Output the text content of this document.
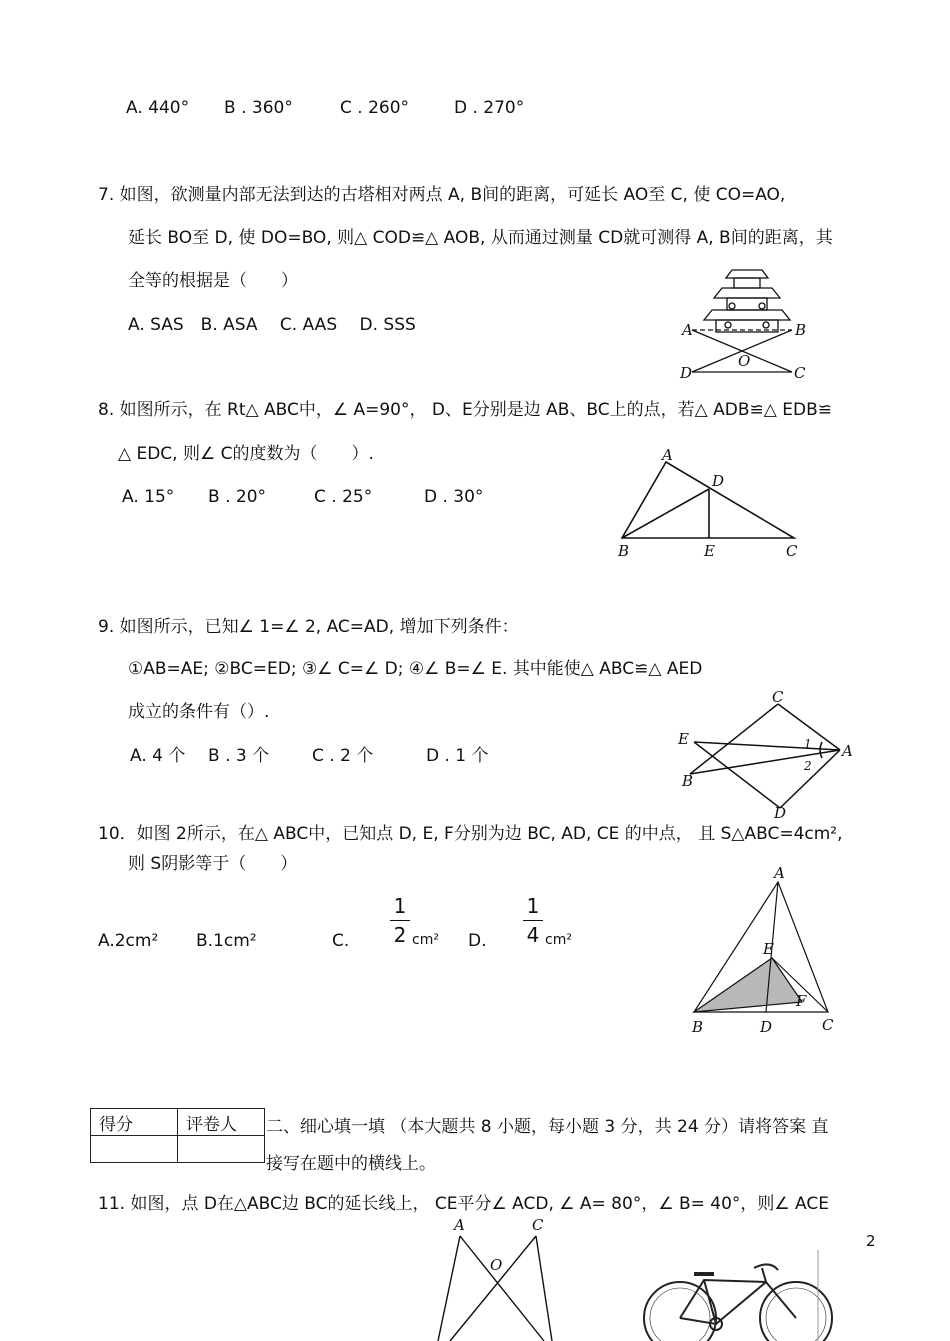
A. 440° B . 360°	C . 260°	D . 270°
7. 如图，欲测量内部无法到达的古塔相对两点 A, B间的距离，可延长 AO至 C, 使 CO=AO,
延长 BO至 D, 使 DO=BO, 则△ COD≌△ AOB, 从而通过测量 CD就可测得 A, B间的距离，其
全等的根据是（　　）
A. SAS　B. ASA　 C. AAS　 D. SSS	A	B
O
D	C
8. 如图所示，在 Rt△ ABC中，∠ A=90°， D、E分别是边 AB、BC上的点，若△ ADB≌△ EDB≌
△ EDC, 则∠ C的度数为（　　）.
A. 15° B . 20°	C . 25°	D . 30°
A
D
B	E	C
9. 如图所示，已知∠ 1=∠ 2, AC=AD, 增加下列条件：
①AB=AE; ②BC=ED; ③∠ C=∠ D; ④∠ B=∠ E. 其中能使△ ABC≌△ AED
成立的条件有（）.
A. 4 个 B . 3 个	C . 2 个	D . 1 个
C
E
A
B
D
1
2
10．如图 2所示，在△ ABC中，已知点 D, E, F分别为边 BC, AD, CE 的中点， 且 S△ABC=4cm²,
则 S阴影等于（　　）
A.2cm² B.1cm²	C.
1
2 cm² D.
1
4 cm²
A
E
F
B	D	C
得分	评卷人
	二、细心填一填 （本大题共 8 小题，每小题 3 分，共 24 分）请将答案 直
接写在题中的横线上。
11. 如图，点 D在△ABC边 BC的延长线上， CE平分∠ ACD, ∠ A= 80°，∠ B= 40°，则∠ ACE
2
A	C
O
